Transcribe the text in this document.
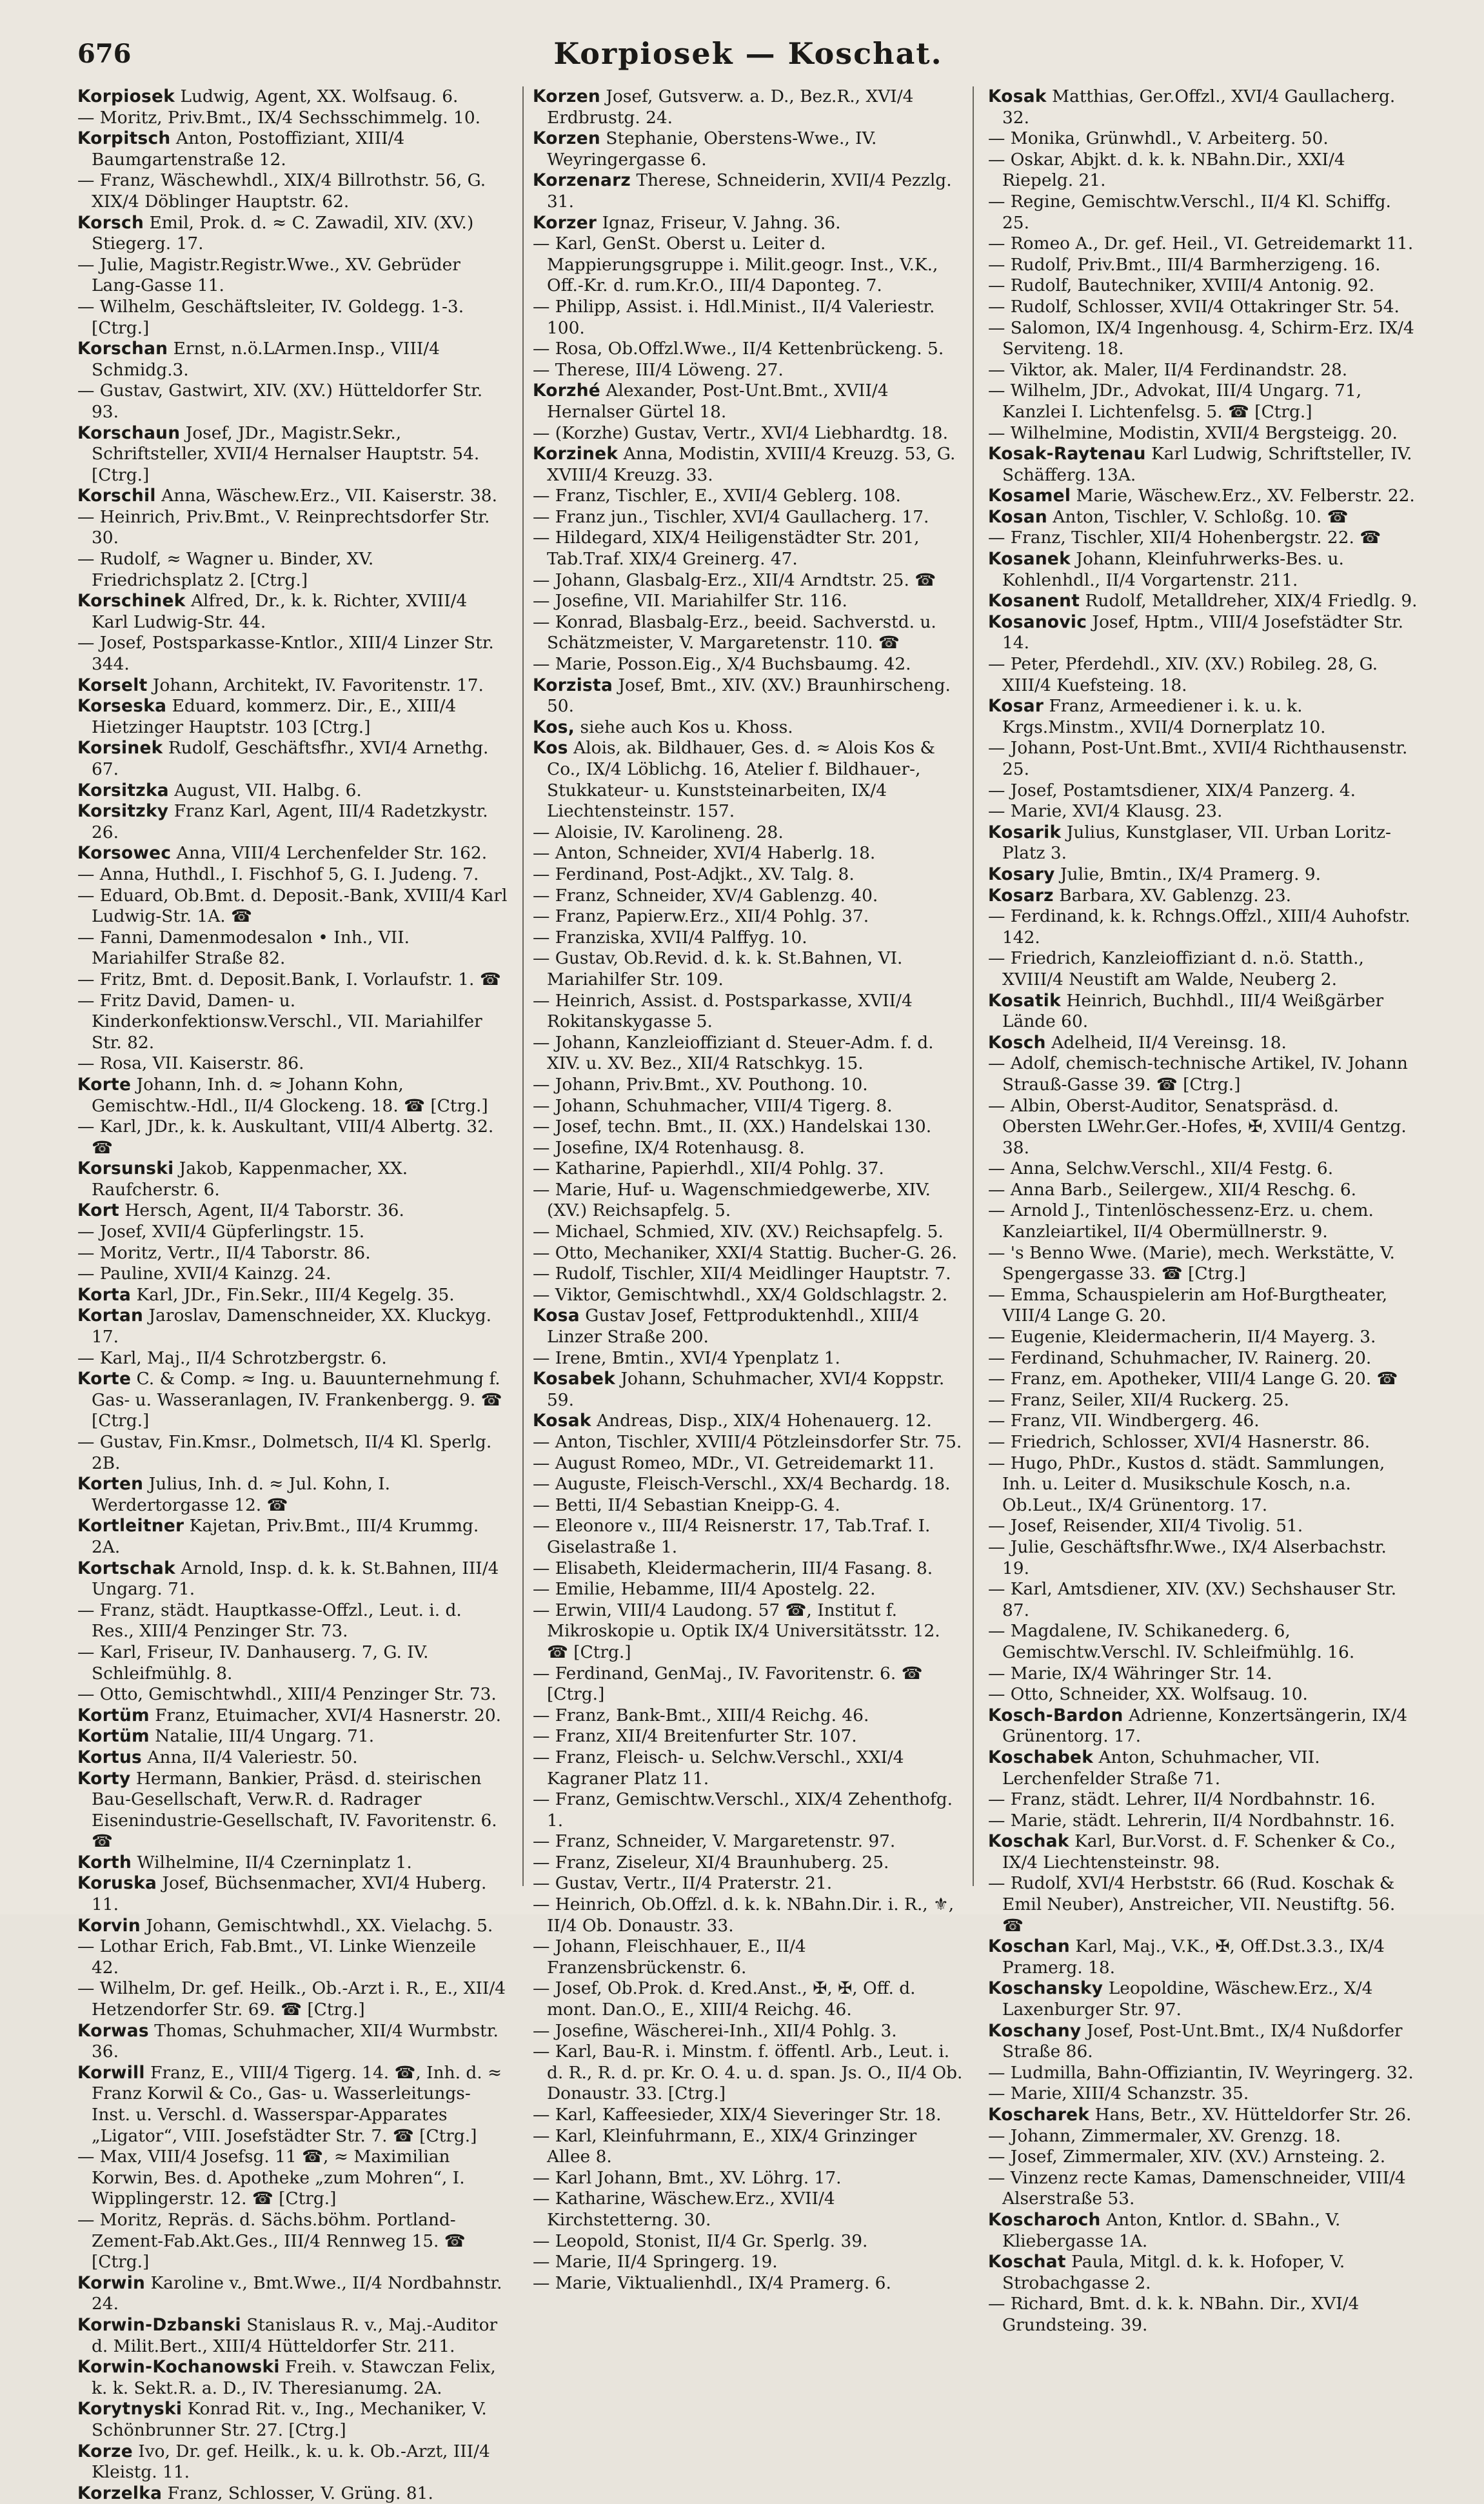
676	Korpiosek — Koschat.

Korpiosek Ludwig, Agent, XX. Wolfsaug. 6.

— Moritz, Priv.Bmt., IX/4 Sechsschimmelg. 10.

Korpitsch Anton, Postoffiziant, XIII/4 Baumgartenstraße 12.

— Franz, Wäschewhdl., XIX/4 Billrothstr. 56, G. XIX/4 Döblinger Hauptstr. 62.

Korsch Emil, Prok. d. ≈ C. Zawadil, XIV. (XV.) Stiegerg. 17.

— Julie, Magistr.Registr.Wwe., XV. Gebrüder Lang-Gasse 11.

— Wilhelm, Geschäftsleiter, IV. Goldegg. 1-3. [Ctrg.]

Korschan Ernst, n.ö.LArmen.Insp., VIII/4 Schmidg.3.

— Gustav, Gastwirt, XIV. (XV.) Hütteldorfer Str. 93.

Korschaun Josef, JDr., Magistr.Sekr., Schriftsteller, XVII/4 Hernalser Hauptstr. 54. [Ctrg.]

Korschil Anna, Wäschew.Erz., VII. Kaiserstr. 38.

— Heinrich, Priv.Bmt., V. Reinprechtsdorfer Str. 30.

— Rudolf, ≈ Wagner u. Binder, XV. Friedrichsplatz 2. [Ctrg.]

Korschinek Alfred, Dr., k. k. Richter, XVIII/4 Karl Ludwig-Str. 44.

— Josef, Postsparkasse-Kntlor., XIII/4 Linzer Str. 344.

Korselt Johann, Architekt, IV. Favoritenstr. 17.

Korseska Eduard, kommerz. Dir., E., XIII/4 Hietzinger Hauptstr. 103 [Ctrg.]

Korsinek Rudolf, Geschäftsfhr., XVI/4 Arnethg. 67.

Korsitzka August, VII. Halbg. 6.

Korsitzky Franz Karl, Agent, III/4 Radetzkystr. 26.

Korsowec Anna, VIII/4 Lerchenfelder Str. 162.

— Anna, Huthdl., I. Fischhof 5, G. I. Judeng. 7.

— Eduard, Ob.Bmt. d. Deposit.-Bank, XVIII/4 Karl Ludwig-Str. 1A. ☎

— Fanni, Damenmodesalon • Inh., VII. Mariahilfer Straße 82.

— Fritz, Bmt. d. Deposit.Bank, I. Vorlaufstr. 1. ☎

— Fritz David, Damen- u. Kinderkonfektionsw.Verschl., VII. Mariahilfer Str. 82.

— Rosa, VII. Kaiserstr. 86.

Korte Johann, Inh. d. ≈ Johann Kohn, Gemischtw.-Hdl., II/4 Glockeng. 18. ☎ [Ctrg.]

— Karl, JDr., k. k. Auskultant, VIII/4 Albertg. 32. ☎

Korsunski Jakob, Kappenmacher, XX. Raufcherstr. 6.

Kort Hersch, Agent, II/4 Taborstr. 36.

— Josef, XVII/4 Güpferlingstr. 15.

— Moritz, Vertr., II/4 Taborstr. 86.

— Pauline, XVII/4 Kainzg. 24.

Korta Karl, JDr., Fin.Sekr., III/4 Kegelg. 35.

Kortan Jaroslav, Damenschneider, XX. Kluckyg. 17.

— Karl, Maj., II/4 Schrotzbergstr. 6.

Korte C. & Comp. ≈ Ing. u. Bauunternehmung f. Gas- u. Wasseranlagen, IV. Frankenbergg. 9. ☎ [Ctrg.]

— Gustav, Fin.Kmsr., Dolmetsch, II/4 Kl. Sperlg. 2B.

Korten Julius, Inh. d. ≈ Jul. Kohn, I. Werdertorgasse 12. ☎

Kortleitner Kajetan, Priv.Bmt., III/4 Krummg. 2A.

Kortschak Arnold, Insp. d. k. k. St.Bahnen, III/4 Ungarg. 71.

— Franz, städt. Hauptkasse-Offzl., Leut. i. d. Res., XIII/4 Penzinger Str. 73.

— Karl, Friseur, IV. Danhauserg. 7, G. IV. Schleifmühlg. 8.

— Otto, Gemischtwhdl., XIII/4 Penzinger Str. 73.

Kortüm Franz, Etuimacher, XVI/4 Hasnerstr. 20.

Kortüm Natalie, III/4 Ungarg. 71.

Kortus Anna, II/4 Valeriestr. 50.

Korty Hermann, Bankier, Präsd. d. steirischen Bau-Gesellschaft, Verw.R. d. Radrager Eisenindustrie-Gesellschaft, IV. Favoritenstr. 6. ☎

Korth Wilhelmine, II/4 Czerninplatz 1.

Koruska Josef, Büchsenmacher, XVI/4 Huberg. 11.

Korvin Johann, Gemischtwhdl., XX. Vielachg. 5.

— Lothar Erich, Fab.Bmt., VI. Linke Wienzeile 42.

— Wilhelm, Dr. gef. Heilk., Ob.-Arzt i. R., E., XII/4 Hetzendorfer Str. 69. ☎ [Ctrg.]

Korwas Thomas, Schuhmacher, XII/4 Wurmbstr. 36.

Korwill Franz, E., VIII/4 Tigerg. 14. ☎, Inh. d. ≈ Franz Korwil & Co., Gas- u. Wasserleitungs-Inst. u. Verschl. d. Wasserspar-Apparates „Ligator“, VIII. Josefstädter Str. 7. ☎ [Ctrg.]

— Max, VIII/4 Josefsg. 11 ☎, ≈ Maximilian Korwin, Bes. d. Apotheke „zum Mohren“, I. Wipplingerstr. 12. ☎ [Ctrg.]

— Moritz, Repräs. d. Sächs.böhm. Portland-Zement-Fab.Akt.Ges., III/4 Rennweg 15. ☎ [Ctrg.]

Korwin Karoline v., Bmt.Wwe., II/4 Nordbahnstr. 24.

Korwin-Dzbanski Stanislaus R. v., Maj.-Auditor d. Milit.Bert., XIII/4 Hütteldorfer Str. 211.

Korwin-Kochanowski Freih. v. Stawczan Felix, k. k. Sekt.R. a. D., IV. Theresianumg. 2A.

Korytnyski Konrad Rit. v., Ing., Mechaniker, V. Schönbrunner Str. 27. [Ctrg.]

Korze Ivo, Dr. gef. Heilk., k. u. k. Ob.-Arzt, III/4 Kleistg. 11.

Korzelka Franz, Schlosser, V. Grüng. 81.

Korzen Josef, Gutsverw. a. D., Bez.R., XVI/4 Erdbrustg. 24.

Korzen Stephanie, Oberstens-Wwe., IV. Weyringergasse 6.

Korzenarz Therese, Schneiderin, XVII/4 Pezzlg. 31.

Korzer Ignaz, Friseur, V. Jahng. 36.

— Karl, GenSt. Oberst u. Leiter d. Mappierungsgruppe i. Milit.geogr. Inst., V.K., Off.-Kr. d. rum.Kr.O., III/4 Daponteg. 7.

— Philipp, Assist. i. Hdl.Minist., II/4 Valeriestr. 100.

— Rosa, Ob.Offzl.Wwe., II/4 Kettenbrückeng. 5.

— Therese, III/4 Löweng. 27.

Korzhé Alexander, Post-Unt.Bmt., XVII/4 Hernalser Gürtel 18.

— (Korzhe) Gustav, Vertr., XVI/4 Liebhardtg. 18.

Korzinek Anna, Modistin, XVIII/4 Kreuzg. 53, G. XVIII/4 Kreuzg. 33.

— Franz, Tischler, E., XVII/4 Geblerg. 108.

— Franz jun., Tischler, XVI/4 Gaullacherg. 17.

— Hildegard, XIX/4 Heiligenstädter Str. 201, Tab.Traf. XIX/4 Greinerg. 47.

— Johann, Glasbalg-Erz., XII/4 Arndtstr. 25. ☎

— Josefine, VII. Mariahilfer Str. 116.

— Konrad, Blasbalg-Erz., beeid. Sachverstd. u. Schätzmeister, V. Margaretenstr. 110. ☎

— Marie, Posson.Eig., X/4 Buchsbaumg. 42.

Korzista Josef, Bmt., XIV. (XV.) Braunhirscheng. 50.

Kos, siehe auch Kos u. Khoss.

Kos Alois, ak. Bildhauer, Ges. d. ≈ Alois Kos & Co., IX/4 Löblichg. 16, Atelier f. Bildhauer-, Stukkateur- u. Kunststeinarbeiten, IX/4 Liechtensteinstr. 157.

— Aloisie, IV. Karolineng. 28.

— Anton, Schneider, XVI/4 Haberlg. 18.

— Ferdinand, Post-Adjkt., XV. Talg. 8.

— Franz, Schneider, XV/4 Gablenzg. 40.

— Franz, Papierw.Erz., XII/4 Pohlg. 37.

— Franziska, XVII/4 Palffyg. 10.

— Gustav, Ob.Revid. d. k. k. St.Bahnen, VI. Mariahilfer Str. 109.

— Heinrich, Assist. d. Postsparkasse, XVII/4 Rokitanskygasse 5.

— Johann, Kanzleioffiziant d. Steuer-Adm. f. d. XIV. u. XV. Bez., XII/4 Ratschkyg. 15.

— Johann, Priv.Bmt., XV. Pouthong. 10.

— Johann, Schuhmacher, VIII/4 Tigerg. 8.

— Josef, techn. Bmt., II. (XX.) Handelskai 130.

— Josefine, IX/4 Rotenhausg. 8.

— Katharine, Papierhdl., XII/4 Pohlg. 37.

— Marie, Huf- u. Wagenschmiedgewerbe, XIV. (XV.) Reichsapfelg. 5.

— Michael, Schmied, XIV. (XV.) Reichsapfelg. 5.

— Otto, Mechaniker, XXI/4 Stattig. Bucher-G. 26.

— Rudolf, Tischler, XII/4 Meidlinger Hauptstr. 7.

— Viktor, Gemischtwhdl., XX/4 Goldschlagstr. 2.

Kosa Gustav Josef, Fettproduktenhdl., XIII/4 Linzer Straße 200.

— Irene, Bmtin., XVI/4 Ypenplatz 1.

Kosabek Johann, Schuhmacher, XVI/4 Koppstr. 59.

Kosak Andreas, Disp., XIX/4 Hohenauerg. 12.

— Anton, Tischler, XVIII/4 Pötzleinsdorfer Str. 75.

— August Romeo, MDr., VI. Getreidemarkt 11.

— Auguste, Fleisch-Verschl., XX/4 Bechardg. 18.

— Betti, II/4 Sebastian Kneipp-G. 4.

— Eleonore v., III/4 Reisnerstr. 17, Tab.Traf. I. Giselastraße 1.

— Elisabeth, Kleidermacherin, III/4 Fasang. 8.

— Emilie, Hebamme, III/4 Apostelg. 22.

— Erwin, VIII/4 Laudong. 57 ☎, Institut f. Mikroskopie u. Optik IX/4 Universitätsstr. 12. ☎ [Ctrg.]

— Ferdinand, GenMaj., IV. Favoritenstr. 6. ☎ [Ctrg.]

— Franz, Bank-Bmt., XIII/4 Reichg. 46.

— Franz, XII/4 Breitenfurter Str. 107.

— Franz, Fleisch- u. Selchw.Verschl., XXI/4 Kagraner Platz 11.

— Franz, Gemischtw.Verschl., XIX/4 Zehenthofg. 1.

— Franz, Schneider, V. Margaretenstr. 97.

— Franz, Ziseleur, XI/4 Braunhuberg. 25.

— Gustav, Vertr., II/4 Praterstr. 21.

— Heinrich, Ob.Offzl. d. k. k. NBahn.Dir. i. R., ⚜, II/4 Ob. Donaustr. 33.

— Johann, Fleischhauer, E., II/4 Franzensbrückenstr. 6.

— Josef, Ob.Prok. d. Kred.Anst., ✠, ✠, Off. d. mont. Dan.O., E., XIII/4 Reichg. 46.

— Josefine, Wäscherei-Inh., XII/4 Pohlg. 3.

— Karl, Bau-R. i. Minstm. f. öffentl. Arb., Leut. i. d. R., R. d. pr. Kr. O. 4. u. d. span. Js. O., II/4 Ob. Donaustr. 33. [Ctrg.]

— Karl, Kaffeesieder, XIX/4 Sieveringer Str. 18.

— Karl, Kleinfuhrmann, E., XIX/4 Grinzinger Allee 8.

— Karl Johann, Bmt., XV. Löhrg. 17.

— Katharine, Wäschew.Erz., XVII/4 Kirchstetterng. 30.

— Leopold, Stonist, II/4 Gr. Sperlg. 39.

— Marie, II/4 Springerg. 19.

— Marie, Viktualienhdl., IX/4 Pramerg. 6.

Kosak Matthias, Ger.Offzl., XVI/4 Gaullacherg. 32.

— Monika, Grünwhdl., V. Arbeiterg. 50.

— Oskar, Abjkt. d. k. k. NBahn.Dir., XXI/4 Riepelg. 21.

— Regine, Gemischtw.Verschl., II/4 Kl. Schiffg. 25.

— Romeo A., Dr. gef. Heil., VI. Getreidemarkt 11.

— Rudolf, Priv.Bmt., III/4 Barmherzigeng. 16.

— Rudolf, Bautechniker, XVIII/4 Antonig. 92.

— Rudolf, Schlosser, XVII/4 Ottakringer Str. 54.

— Salomon, IX/4 Ingenhousg. 4, Schirm-Erz. IX/4 Serviteng. 18.

— Viktor, ak. Maler, II/4 Ferdinandstr. 28.

— Wilhelm, JDr., Advokat, III/4 Ungarg. 71, Kanzlei I. Lichtenfelsg. 5. ☎ [Ctrg.]

— Wilhelmine, Modistin, XVII/4 Bergsteigg. 20.

Kosak-Raytenau Karl Ludwig, Schriftsteller, IV. Schäfferg. 13A.

Kosamel Marie, Wäschew.Erz., XV. Felberstr. 22.

Kosan Anton, Tischler, V. Schloßg. 10. ☎

— Franz, Tischler, XII/4 Hohenbergstr. 22. ☎

Kosanek Johann, Kleinfuhrwerks-Bes. u. Kohlenhdl., II/4 Vorgartenstr. 211.

Kosanent Rudolf, Metalldreher, XIX/4 Friedlg. 9.

Kosanovic Josef, Hptm., VIII/4 Josefstädter Str. 14.

— Peter, Pferdehdl., XIV. (XV.) Robileg. 28, G. XIII/4 Kuefsteing. 18.

Kosar Franz, Armeediener i. k. u. k. Krgs.Minstm., XVII/4 Dornerplatz 10.

— Johann, Post-Unt.Bmt., XVII/4 Richthausenstr. 25.

— Josef, Postamtsdiener, XIX/4 Panzerg. 4.

— Marie, XVI/4 Klausg. 23.

Kosarik Julius, Kunstglaser, VII. Urban Loritz-Platz 3.

Kosary Julie, Bmtin., IX/4 Pramerg. 9.

Kosarz Barbara, XV. Gablenzg. 23.

— Ferdinand, k. k. Rchngs.Offzl., XIII/4 Auhofstr. 142.

— Friedrich, Kanzleioffiziant d. n.ö. Statth., XVIII/4 Neustift am Walde, Neuberg 2.

Kosatik Heinrich, Buchhdl., III/4 Weißgärber Lände 60.

Kosch Adelheid, II/4 Vereinsg. 18.

— Adolf, chemisch-technische Artikel, IV. Johann Strauß-Gasse 39. ☎ [Ctrg.]

— Albin, Oberst-Auditor, Senatspräsd. d. Obersten LWehr.Ger.-Hofes, ✠, XVIII/4 Gentzg. 38.

— Anna, Selchw.Verschl., XII/4 Festg. 6.

— Anna Barb., Seilergew., XII/4 Reschg. 6.

— Arnold J., Tintenlöschessenz-Erz. u. chem. Kanzleiartikel, II/4 Obermüllnerstr. 9.

— 's Benno Wwe. (Marie), mech. Werkstätte, V. Spengergasse 33. ☎ [Ctrg.]

— Emma, Schauspielerin am Hof-Burgtheater, VIII/4 Lange G. 20.

— Eugenie, Kleidermacherin, II/4 Mayerg. 3.

— Ferdinand, Schuhmacher, IV. Rainerg. 20.

— Franz, em. Apotheker, VIII/4 Lange G. 20. ☎

— Franz, Seiler, XII/4 Ruckerg. 25.

— Franz, VII. Windbergerg. 46.

— Friedrich, Schlosser, XVI/4 Hasnerstr. 86.

— Hugo, PhDr., Kustos d. städt. Sammlungen, Inh. u. Leiter d. Musikschule Kosch, n.a. Ob.Leut., IX/4 Grünentorg. 17.

— Josef, Reisender, XII/4 Tivolig. 51.

— Julie, Geschäftsfhr.Wwe., IX/4 Alserbachstr. 19.

— Karl, Amtsdiener, XIV. (XV.) Sechshauser Str. 87.

— Magdalene, IV. Schikanederg. 6, Gemischtw.Verschl. IV. Schleifmühlg. 16.

— Marie, IX/4 Währinger Str. 14.

— Otto, Schneider, XX. Wolfsaug. 10.

Kosch-Bardon Adrienne, Konzertsängerin, IX/4 Grünentorg. 17.

Koschabek Anton, Schuhmacher, VII. Lerchenfelder Straße 71.

— Franz, städt. Lehrer, II/4 Nordbahnstr. 16.

— Marie, städt. Lehrerin, II/4 Nordbahnstr. 16.

Koschak Karl, Bur.Vorst. d. F. Schenker & Co., IX/4 Liechtensteinstr. 98.

— Rudolf, XVI/4 Herbststr. 66 (Rud. Koschak & Emil Neuber), Anstreicher, VII. Neustiftg. 56. ☎

Koschan Karl, Maj., V.K., ✠, Off.Dst.3.3., IX/4 Pramerg. 18.

Koschansky Leopoldine, Wäschew.Erz., X/4 Laxenburger Str. 97.

Koschany Josef, Post-Unt.Bmt., IX/4 Nußdorfer Straße 86.

— Ludmilla, Bahn-Offiziantin, IV. Weyringerg. 32.

— Marie, XIII/4 Schanzstr. 35.

Koscharek Hans, Betr., XV. Hütteldorfer Str. 26.

— Johann, Zimmermaler, XV. Grenzg. 18.

— Josef, Zimmermaler, XIV. (XV.) Arnsteing. 2.

— Vinzenz recte Kamas, Damenschneider, VIII/4 Alserstraße 53.

Koscharoch Anton, Kntlor. d. SBahn., V. Kliebergasse 1A.

Koschat Paula, Mitgl. d. k. k. Hofoper, V. Strobachgasse 2.

— Richard, Bmt. d. k. k. NBahn. Dir., XVI/4 Grundsteing. 39.
